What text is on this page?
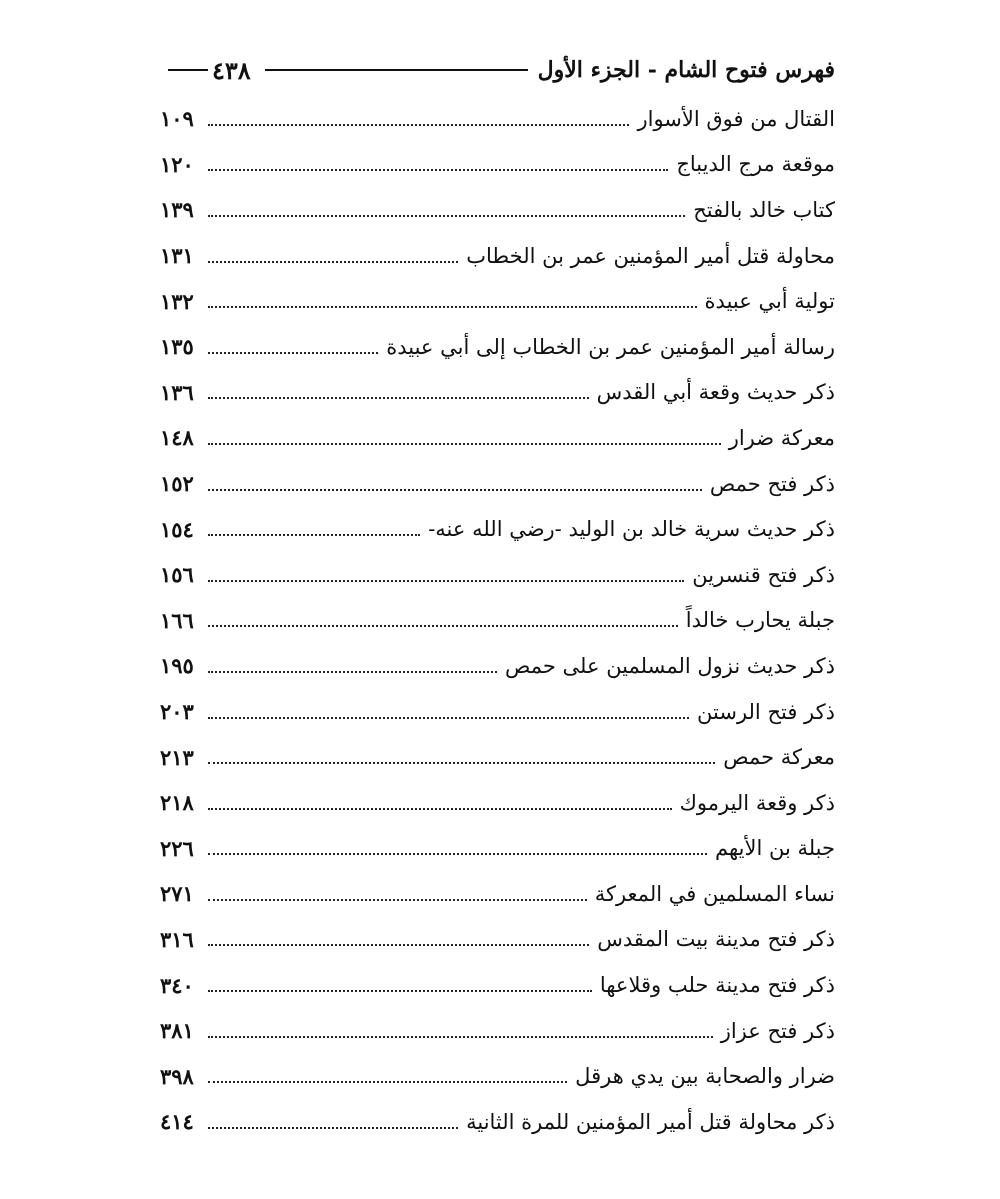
٤٣٨	فهرس فتوح الشام - الجزء الأول
القتال من فوق الأسوار
١٠٩
موقعة مرج الديباج
١٢٠
كتاب خالد بالفتح
١٣٩
محاولة قتل أمير المؤمنين عمر بن الخطاب
١٣١
تولية أبي عبيدة
١٣٢
رسالة أمير المؤمنين عمر بن الخطاب إلى أبي عبيدة
١٣٥
ذكر حديث وقعة أبي القدس
١٣٦
معركة ضرار
١٤٨
ذكر فتح حمص
١٥٢
ذكر حديث سرية خالد بن الوليد -رضي الله عنه-
١٥٤
ذكر فتح قنسرين
١٥٦
جبلة يحارب خالداً
١٦٦
ذكر حديث نزول المسلمين على حمص
١٩٥
ذكر فتح الرستن
٢٠٣
معركة حمص
٢١٣
ذكر وقعة اليرموك
٢١٨
جبلة بن الأيهم
٢٢٦
نساء المسلمين في المعركة
٢٧١
ذكر فتح مدينة بيت المقدس
٣١٦
ذكر فتح مدينة حلب وقلاعها
٣٤٠
ذكر فتح عزاز
٣٨١
ضرار والصحابة بين يدي هرقل
٣٩٨
ذكر محاولة قتل أمير المؤمنين للمرة الثانية
٤١٤
